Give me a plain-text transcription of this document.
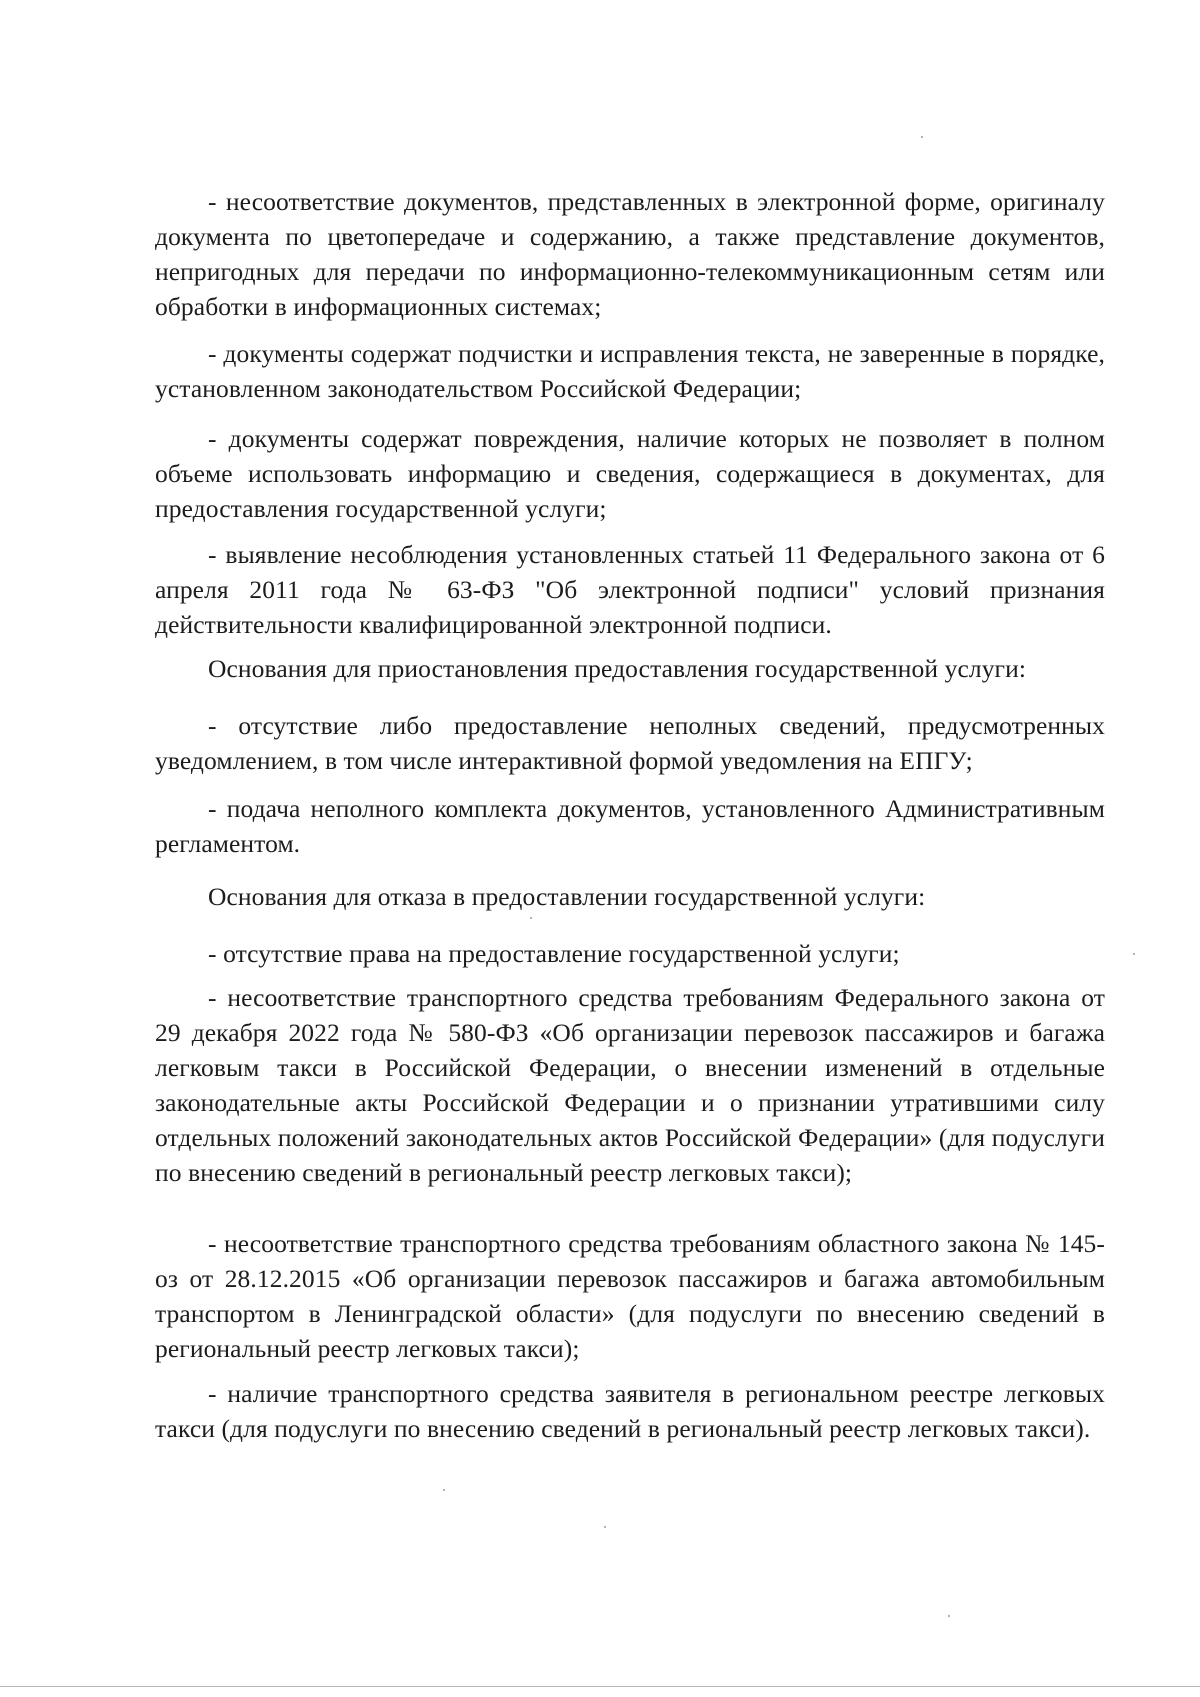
- несоответствие документов, представленных в электронной форме, оригиналу документа по цветопередаче и содержанию, а также представление документов, непригодных для передачи по информационно-телекоммуникационным сетям или обработки в информационных системах;

- документы содержат подчистки и исправления текста, не заверенные в порядке, установленном законодательством Российской Федерации;

- документы содержат повреждения, наличие которых не позволяет в полном объеме использовать информацию и сведения, содержащиеся в документах, для предоставления государственной услуги;

- выявление несоблюдения установленных статьей 11 Федерального закона от 6 апреля 2011 года № 63-ФЗ "Об электронной подписи" условий признания действительности квалифицированной электронной подписи.

Основания для приостановления предоставления государственной услуги:

- отсутствие либо предоставление неполных сведений, предусмотренных уведомлением, в том числе интерактивной формой уведомления на ЕПГУ;

- подача неполного комплекта документов, установленного Административным регламентом.

Основания для отказа в предоставлении государственной услуги:

- отсутствие права на предоставление государственной услуги;

- несоответствие транспортного средства требованиям Федерального закона от 29 декабря 2022 года № 580-ФЗ «Об организации перевозок пассажиров и багажа легковым такси в Российской Федерации, о внесении изменений в отдельные законодательные акты Российской Федерации и о признании утратившими силу отдельных положений законодательных актов Российской Федерации» (для подуслуги по внесению сведений в региональный реестр легковых такси);

- несоответствие транспортного средства требованиям областного закона № 145-оз от 28.12.2015 «Об организации перевозок пассажиров и багажа автомобильным транспортом в Ленинградской области» (для подуслуги по внесению сведений в региональный реестр легковых такси);

- наличие транспортного средства заявителя в региональном реестре легковых такси (для подуслуги по внесению сведений в региональный реестр легковых такси).
